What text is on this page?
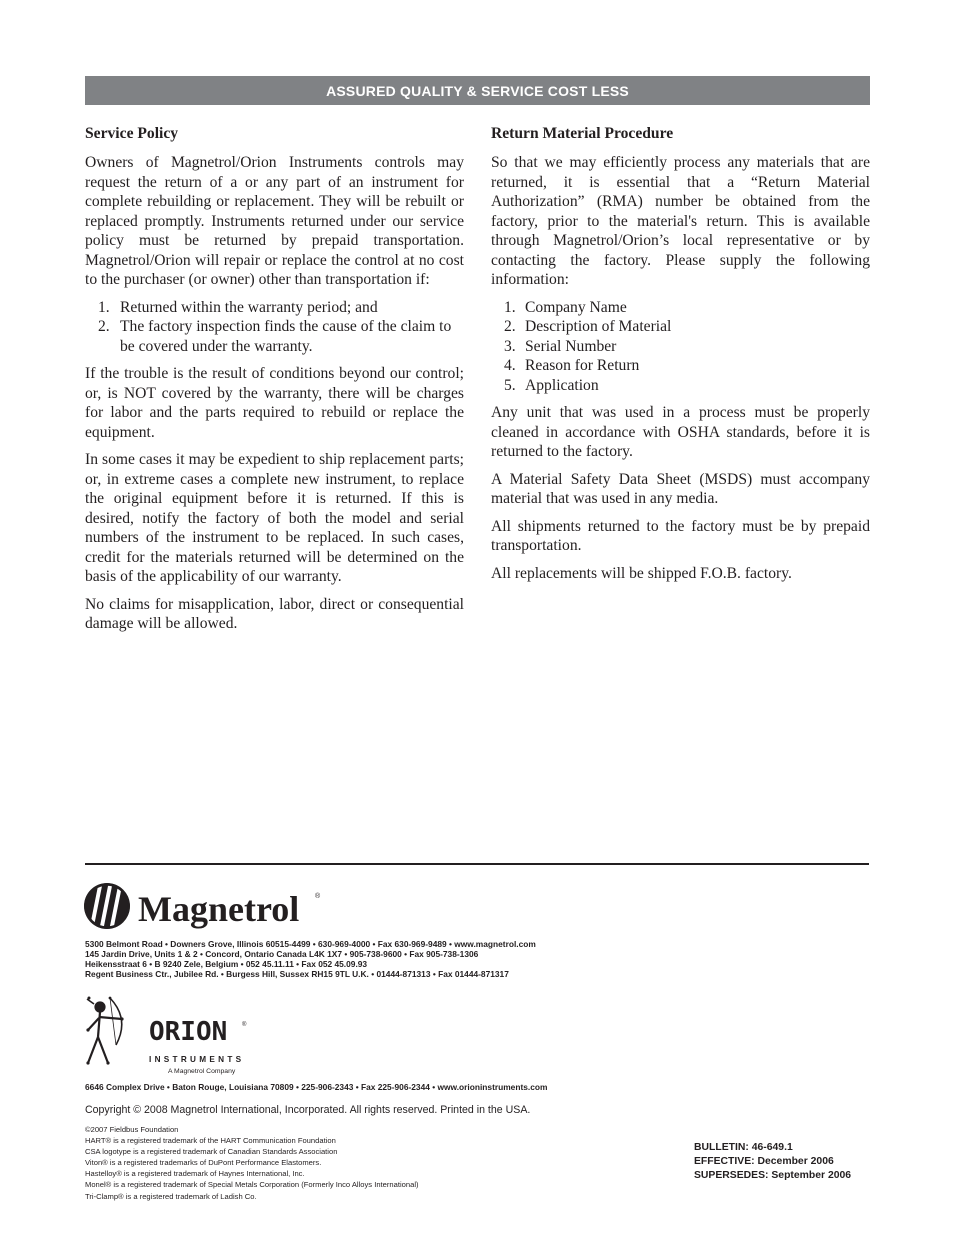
ASSURED QUALITY & SERVICE COST LESS
Service Policy

Owners of Magnetrol/Orion Instruments controls may request the return of a or any part of an instrument for complete rebuilding or replacement. They will be rebuilt or replaced promptly. Instruments returned under our service policy must be returned by prepaid transportation. Magnetrol/Orion will repair or replace the control at no cost to the purchaser (or owner) other than transportation if:

1. Returned within the warranty period; and
2. The factory inspection finds the cause of the claim to be covered under the warranty.

If the trouble is the result of conditions beyond our control; or, is NOT covered by the warranty, there will be charges for labor and the parts required to rebuild or replace the equipment.

In some cases it may be expedient to ship replacement parts; or, in extreme cases a complete new instrument, to replace the original equipment before it is returned. If this is desired, notify the factory of both the model and serial numbers of the instrument to be replaced. In such cases, credit for the materials returned will be determined on the basis of the applicability of our warranty.

No claims for misapplication, labor, direct or consequential damage will be allowed.

Return Material Procedure

So that we may efficiently process any materials that are returned, it is essential that a “Return Material Authorization” (RMA) number be obtained from the factory, prior to the material's return. This is available through Magnetrol/Orion’s local representative or by contacting the factory. Please supply the following information:

1. Company Name
2. Description of Material
3. Serial Number
4. Reason for Return
5. Application

Any unit that was used in a process must be properly cleaned in accordance with OSHA standards, before it is returned to the factory.

A Material Safety Data Sheet (MSDS) must accompany material that was used in any media.

All shipments returned to the factory must be by prepaid transportation.

All replacements will be shipped F.O.B. factory.

Magnetrol ®
5300 Belmont Road • Downers Grove, Illinois 60515-4499 • 630-969-4000 • Fax 630-969-9489 • www.magnetrol.com
145 Jardin Drive, Units 1 & 2 • Concord, Ontario Canada L4K 1X7 • 905-738-9600 • Fax 905-738-1306
Heikensstraat 6 • B 9240 Zele, Belgium • 052 45.11.11 • Fax 052 45.09.93
Regent Business Ctr., Jubilee Rd. • Burgess Hill, Sussex RH15 9TL U.K. • 01444-871313 • Fax 01444-871317
ORION ®
INSTRUMENTS
A Magnetrol Company
6646 Complex Drive • Baton Rouge, Louisiana 70809 • 225-906-2343 • Fax 225-906-2344 • www.orioninstruments.com
Copyright © 2008 Magnetrol International, Incorporated. All rights reserved. Printed in the USA.
©2007 Fieldbus Foundation
HART® is a registered trademark of the HART Communication Foundation
CSA logotype is a registered trademark of Canadian Standards Association
Viton® is a registered trademarks of DuPont Performance Elastomers.
Hastelloy® is a registered trademark of Haynes International, Inc.
Monel® is a registered trademark of Special Metals Corporation (Formerly Inco Alloys International)
Tri-Clamp® is a registered trademark of Ladish Co.
BULLETIN: 46-649.1
EFFECTIVE: December 2006
SUPERSEDES: September 2006
